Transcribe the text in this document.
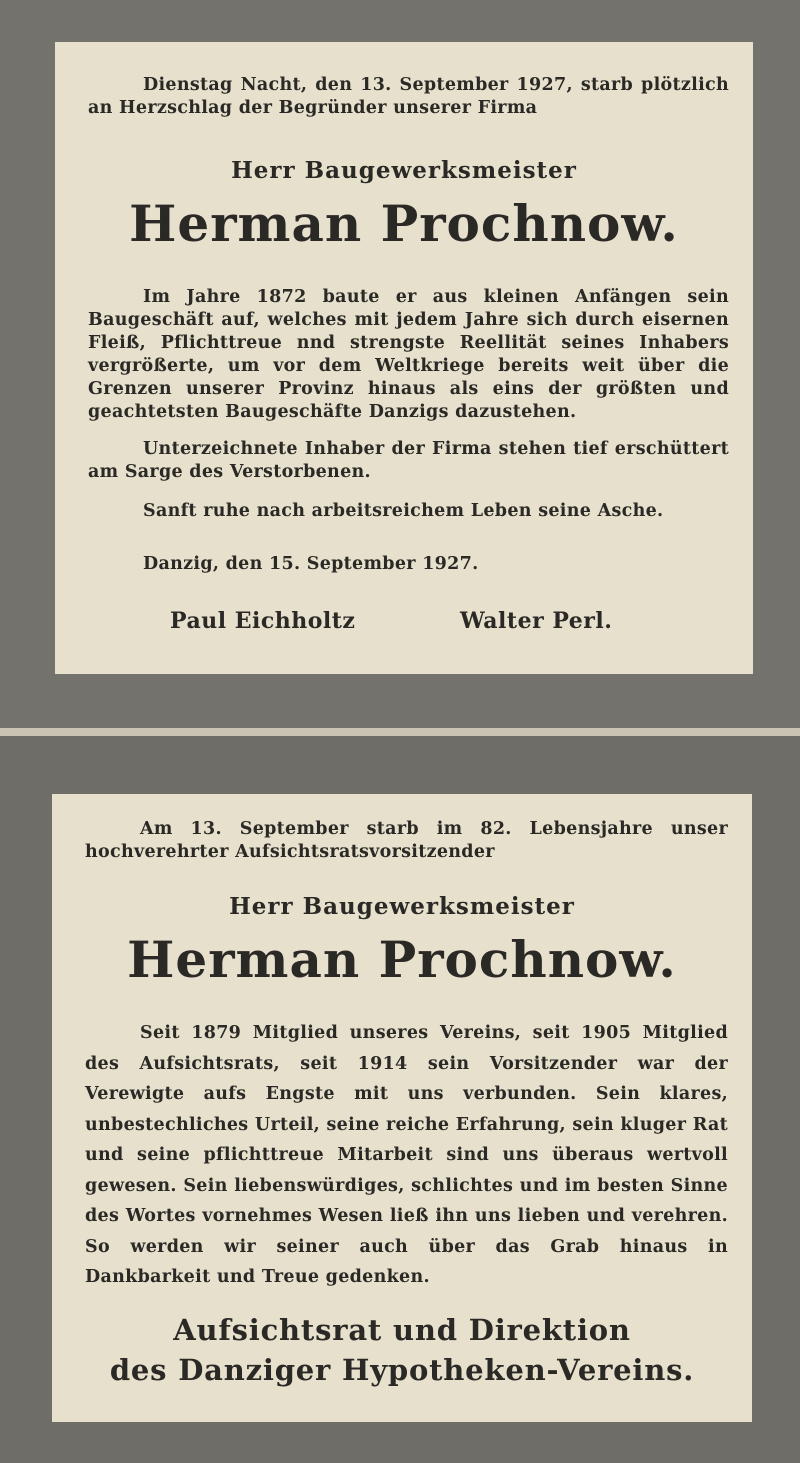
Dienstag Nacht, den 13. September 1927, starb plötzlich an Herzschlag der Begründer unserer Firma
Herr Baugewerksmeister
Herman Prochnow.
Im Jahre 1872 baute er aus kleinen Anfängen sein Baugeschäft auf, welches mit jedem Jahre sich durch eisernen Fleiß, Pflichttreue nnd strengste Reellität seines Inhabers vergrößerte, um vor dem Weltkriege bereits weit über die Grenzen unserer Provinz hinaus als eins der größten und geachtetsten Baugeschäfte Danzigs dazustehen.
Unterzeichnete Inhaber der Firma stehen tief erschüttert am Sarge des Verstorbenen.
Sanft ruhe nach arbeitsreichem Leben seine Asche.
Danzig, den 15. September 1927.
Paul Eichholtz	Walter Perl.
Am 13. September starb im 82. Lebensjahre unser hochverehrter Aufsichtsratsvorsitzender
Herr Baugewerksmeister
Herman Prochnow.
Seit 1879 Mitglied unseres Vereins, seit 1905 Mitglied des Aufsichtsrats, seit 1914 sein Vorsitzender war der Verewigte aufs Engste mit uns verbunden. Sein klares, unbestechliches Urteil, seine reiche Erfahrung, sein kluger Rat und seine pflichttreue Mitarbeit sind uns überaus wertvoll gewesen. Sein liebenswürdiges, schlichtes und im besten Sinne des Wortes vornehmes Wesen ließ ihn uns lieben und verehren. So werden wir seiner auch über das Grab hinaus in Dankbarkeit und Treue gedenken.
Aufsichtsrat und Direktion
des Danziger Hypotheken-Vereins.
